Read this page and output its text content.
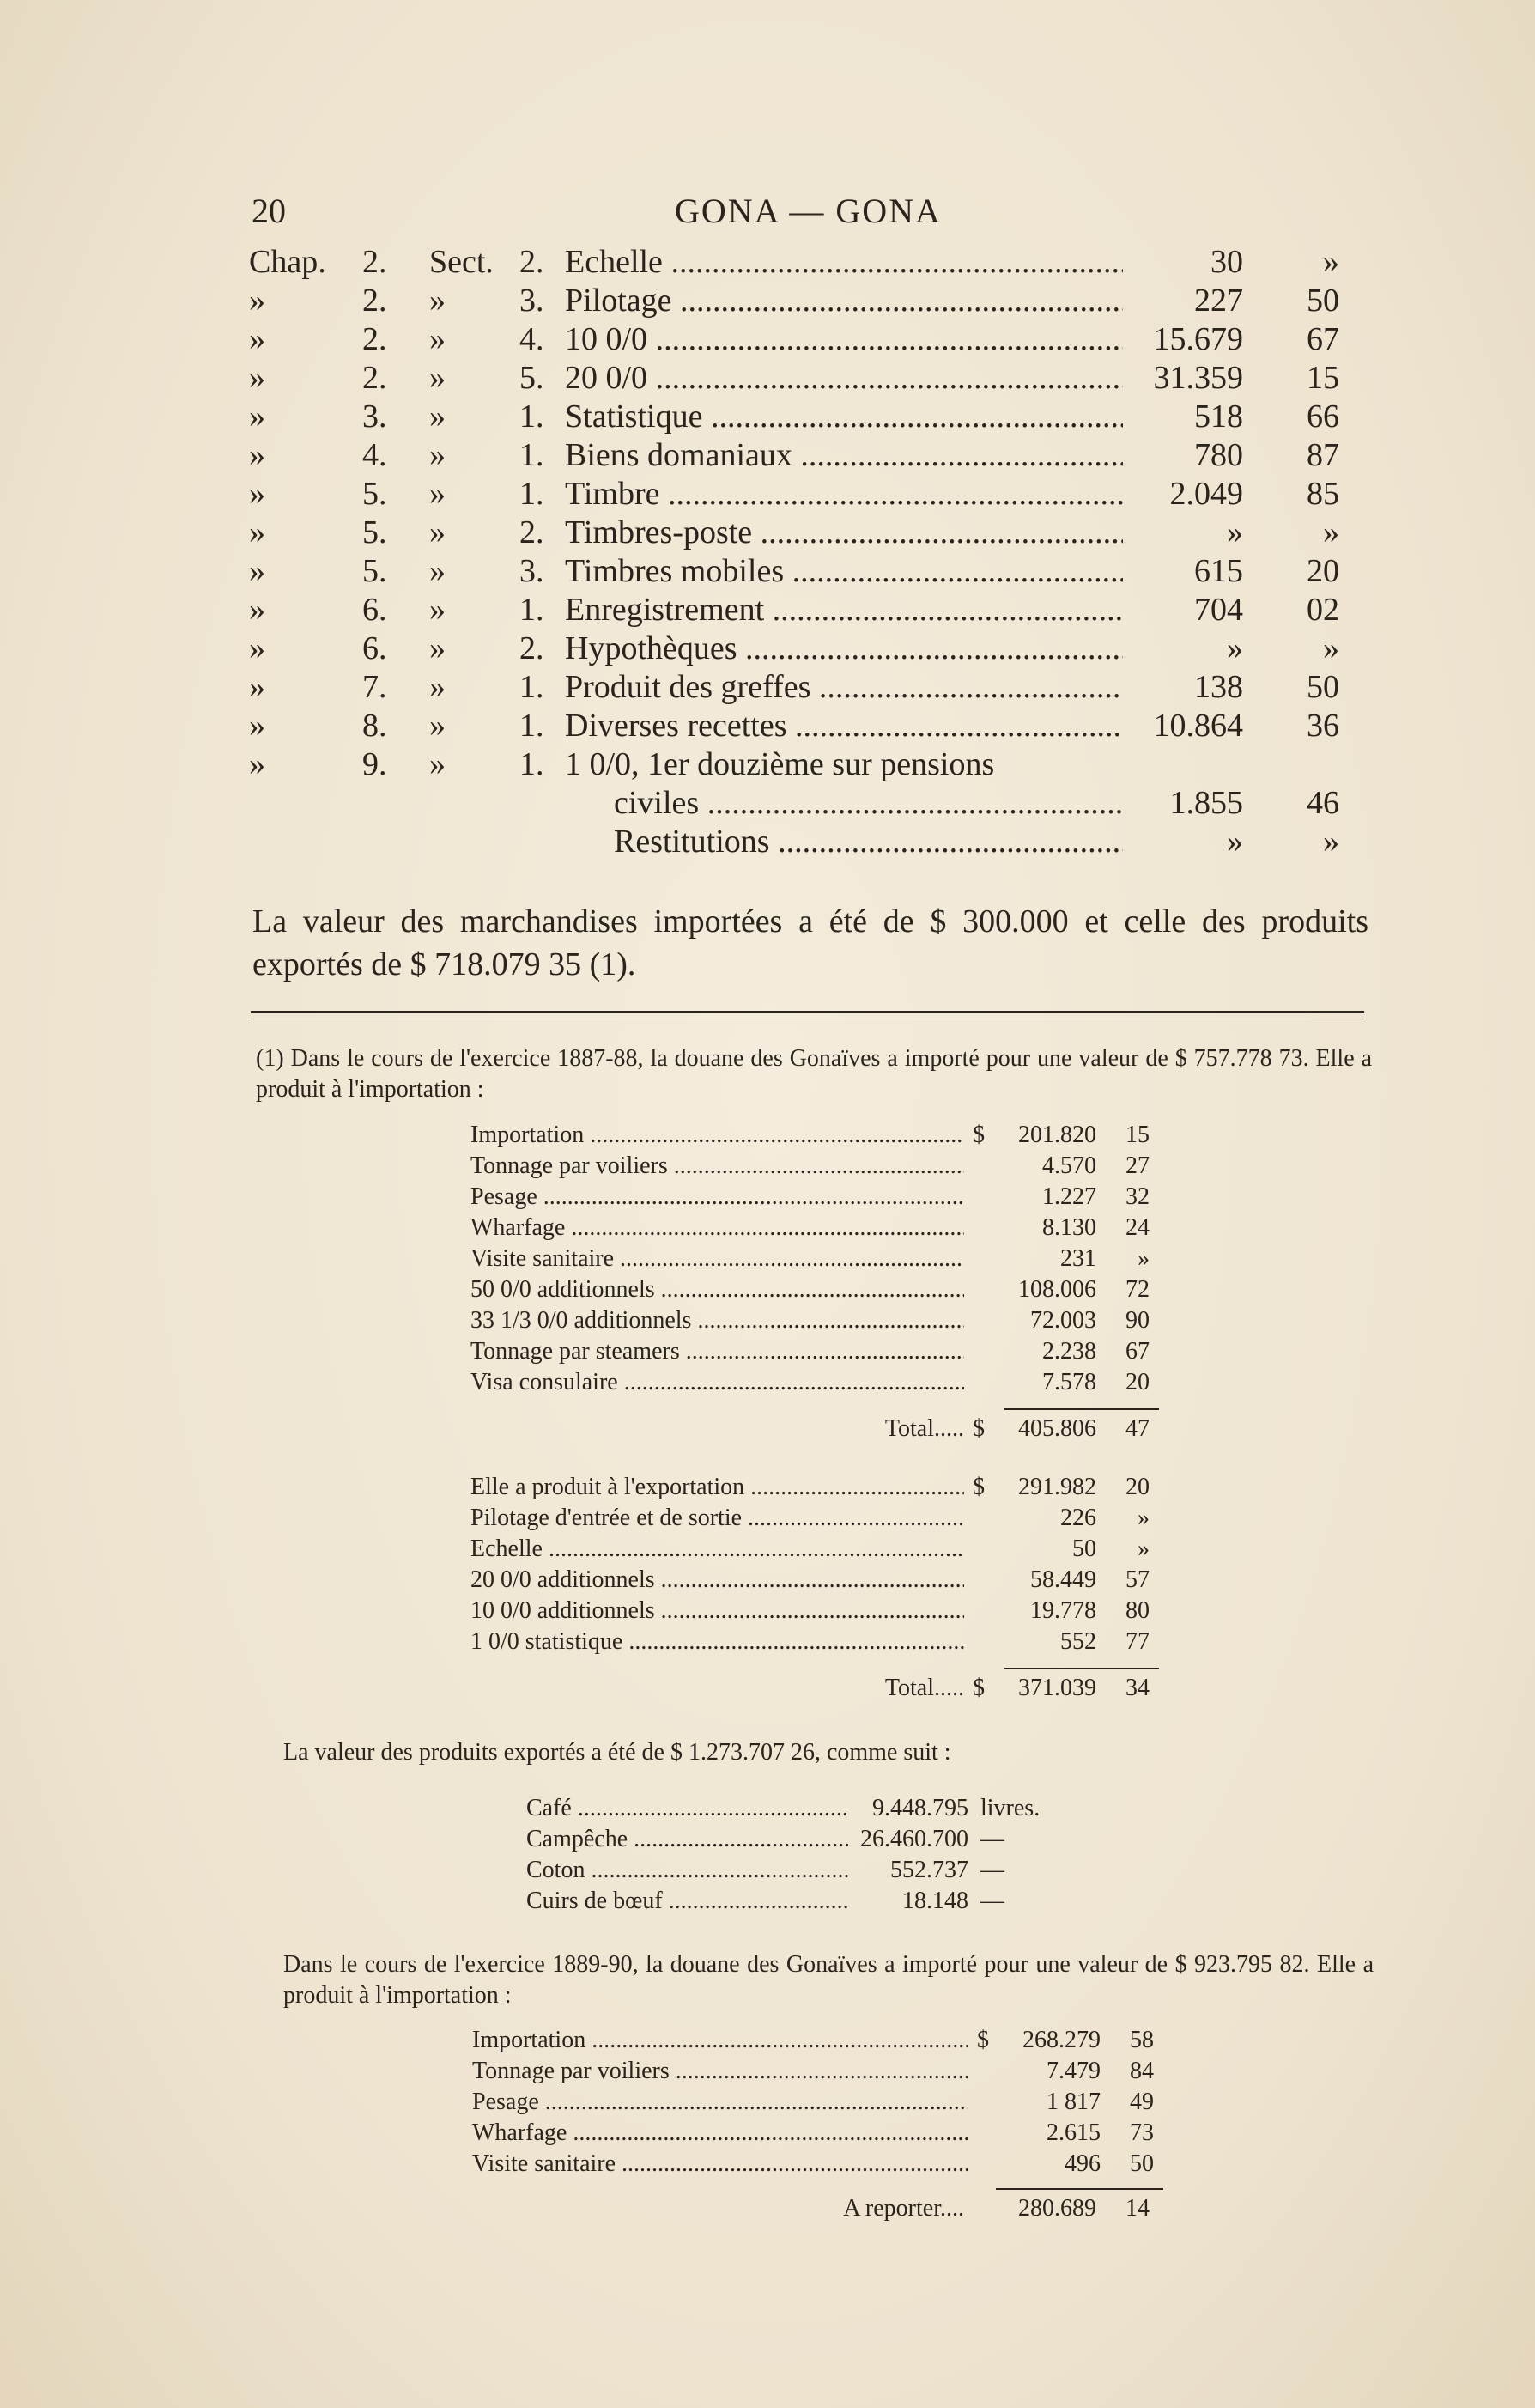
20	GONA — GONA
Chap.	2.	Sect. 2. Echelle .....	30	»
»	2.	»	3. Pilotage .....	227	50
»	2.	»	4. 10 0/0 .....	15.679	67
»	2.	»	5. 20 0/0 .....	31.359	15
»	3.	»	1. Statistique .....	518	66
»	4.	»	1. Biens domaniaux .....	780	87
»	5.	»	1. Timbre .....	2.049	85
»	5.	»	2. Timbres-poste .....	»	»
»	5.	»	3. Timbres mobiles .....	615	20
»	6.	»	1. Enregistrement .....	704	02
»	6.	»	2. Hypothèques .....	»	»
»	7.	»	1. Produit des greffes .....	138	50
»	8.	»	1. Diverses recettes .....	10.864	36
»	9.	»	1. 1 0/0, 1er douzième sur pensions
civiles .....	1.855	46
Restitutions .....	»	»
La valeur des marchandises importées a été de $ 300.000 et celle des produits exportés de $ 718.079 35 (1).
(1) Dans le cours de l'exercice 1887-88, la douane des Gonaïves a importé pour une valeur de $ 757.778 73. Elle a produit à l'importation :
Importation .....	$	201.820	15
Tonnage par voiliers .....	4.570	27
Pesage .....	1.227	32
Wharfage .....	8.130	24
Visite sanitaire .....	231	»
50 0/0 additionnels .....	108.006	72
33 1/3 0/0 additionnels .....	72.003	90
Tonnage par steamers .....	2.238	67
Visa consulaire .....	7.578	20
Total..... $	405.806	47
Elle a produit à l'exportation .....	$	291.982	20
Pilotage d'entrée et de sortie .....	226	»
Echelle .....	50	»
20 0/0 additionnels .....	58.449	57
10 0/0 additionnels .....	19.778	80
1 0/0 statistique .....	552	77
Total..... $	371.039	34
La valeur des produits exportés a été de $ 1.273.707 26, comme suit :
Café .....	9.448.795 livres.
Campêche .....	26.460.700 —
Coton .....	552.737 —
Cuirs de bœuf .....	18.148 —
Dans le cours de l'exercice 1889-90, la douane des Gonaïves a importé pour une valeur de $ 923.795 82. Elle a produit à l'importation :
Importation .....	$	268.279	58
Tonnage par voiliers .....	7.479	84
Pesage .....	1 817	49
Wharfage .....	2.615	73
Visite sanitaire .....	496	50
A reporter....	280.689	14
